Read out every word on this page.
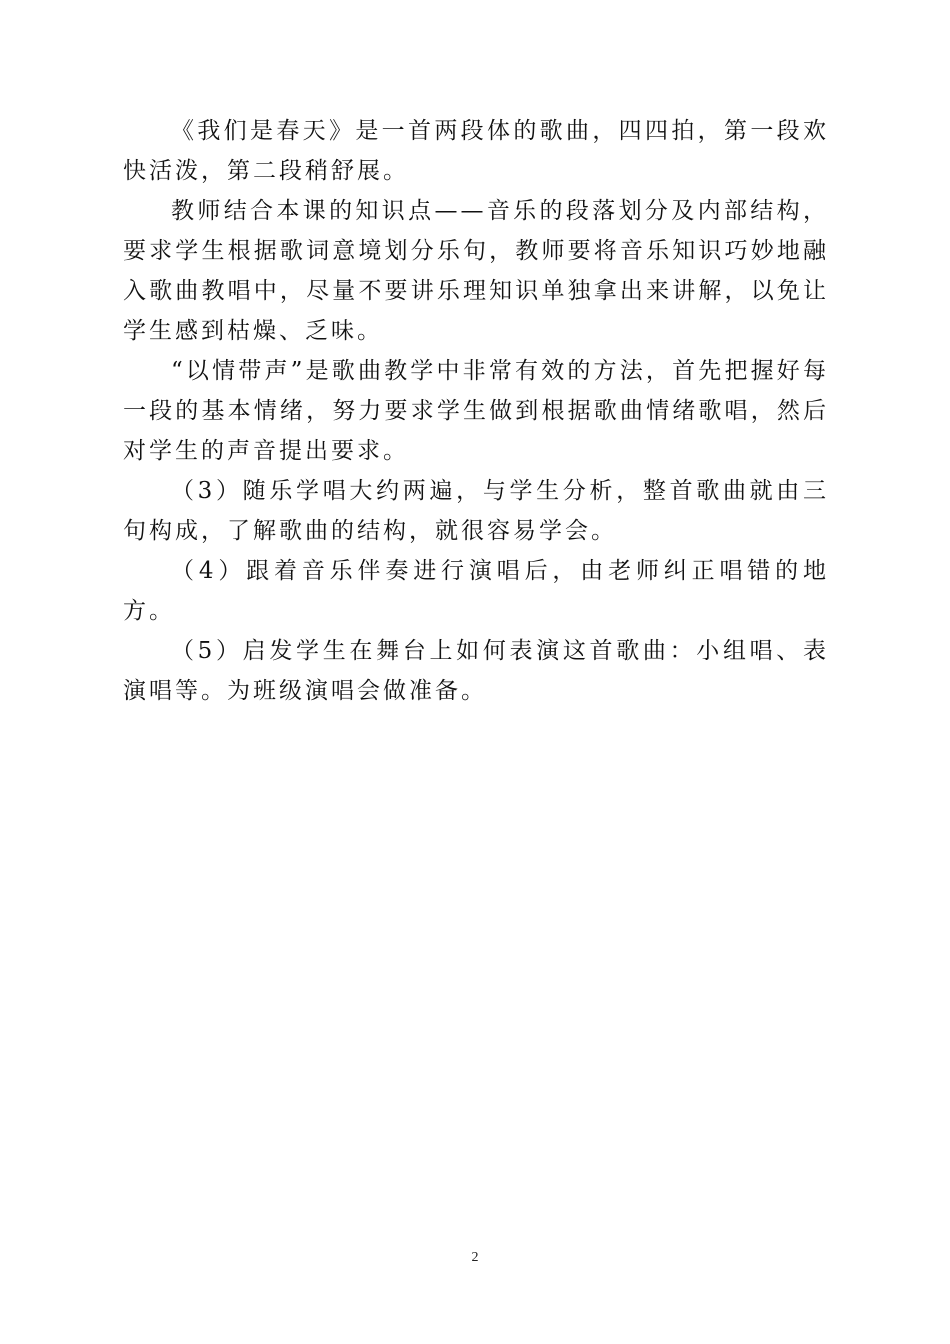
《我们是春天》是一首两段体的歌曲，四四拍，第一段欢快活泼，第二段稍舒展。

教师结合本课的知识点——音乐的段落划分及内部结构，要求学生根据歌词意境划分乐句，教师要将音乐知识巧妙地融入歌曲教唱中，尽量不要讲乐理知识单独拿出来讲解，以免让学生感到枯燥、乏味。

“以情带声”是歌曲教学中非常有效的方法，首先把握好每一段的基本情绪，努力要求学生做到根据歌曲情绪歌唱，然后对学生的声音提出要求。

（3）随乐学唱大约两遍，与学生分析，整首歌曲就由三句构成，了解歌曲的结构，就很容易学会。

（4）跟着音乐伴奏进行演唱后，由老师纠正唱错的地方。

（5）启发学生在舞台上如何表演这首歌曲：小组唱、表演唱等。为班级演唱会做准备。

2
